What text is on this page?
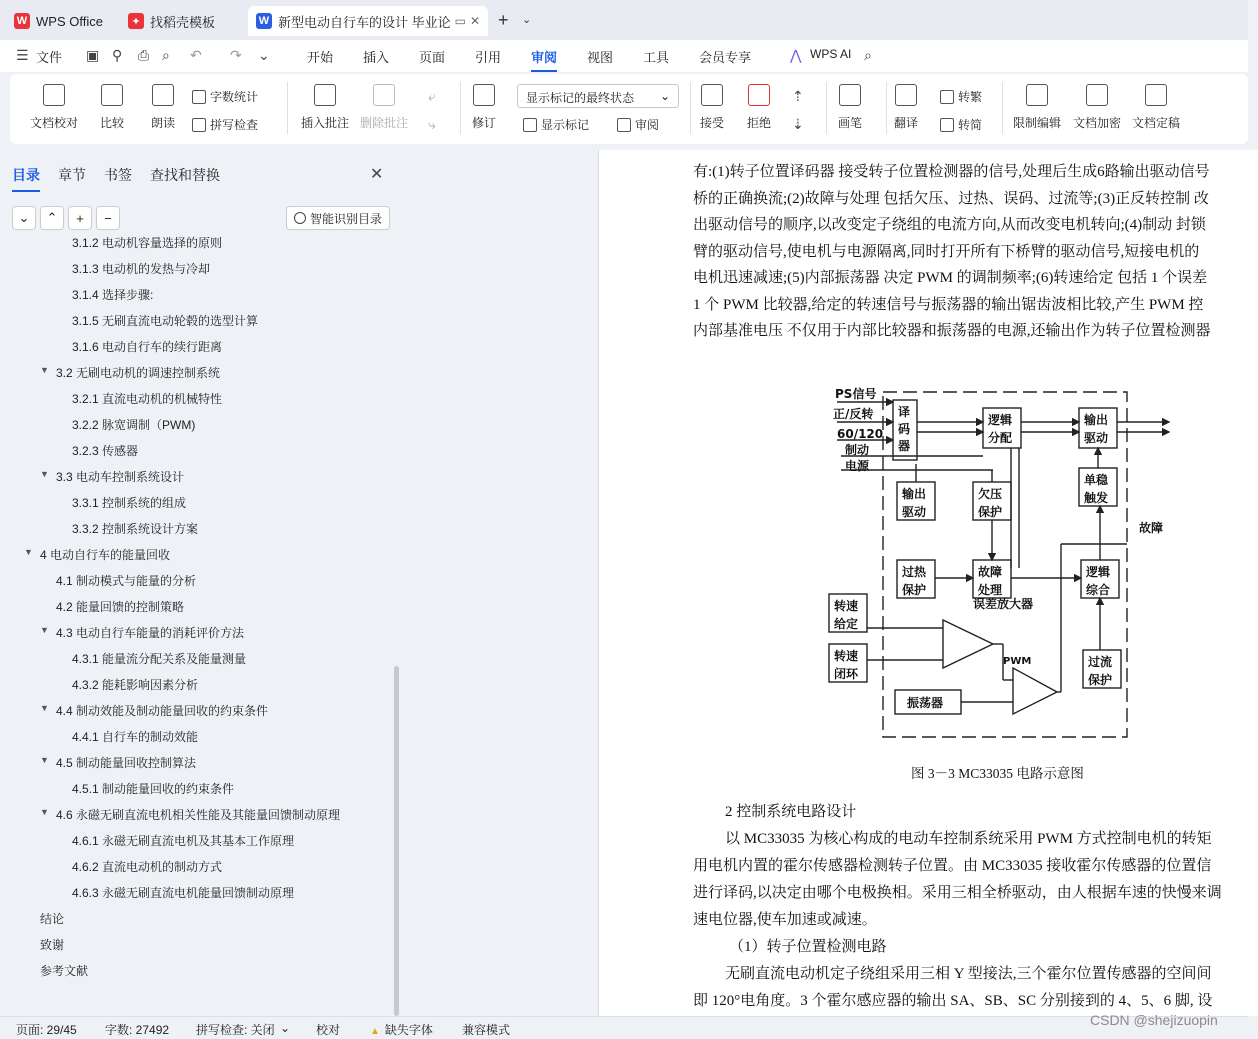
W WPS Office	✦ 找稻壳模板	W 新型电动自行车的设计 毕业论 ▭ ✕ + ⌄
☰ 文件 ▣ ⚲ ⎙ ⌕ ↶ ↷ ⌄	开始 插入 页面 引用 审阅 视图 工具 会员专享	⋀ WPS AI ⌕
文档校对 比较 朗读
字数统计
拼写检查	插入批注 删除批注
⤶
⤷	修订
显示标记的最终状态 ⌄
显示标记	审阅	接受 拒绝
⇡
⇣	画笔	翻译
转繁
转简	限制编辑 文档加密 文档定稿
目录 章节 书签 查找和替换	✕
⌄ ⌃ + −	智能识别目录
3.1.2 电动机容量选择的原则
3.1.3 电动机的发热与冷却
3.1.4 选择步骤:
3.1.5 无刷直流电动轮毂的选型计算
3.1.6 电动自行车的续行距离
▼ 3.2 无刷电动机的调速控制系统
3.2.1 直流电动机的机械特性
3.2.2 脉宽调制（PWM)
3.2.3 传感器
▼ 3.3 电动车控制系统设计
3.3.1 控制系统的组成
3.3.2 控制系统设计方案
▼ 4 电动自行车的能量回收
4.1 制动模式与能量的分析
4.2 能量回馈的控制策略
▼ 4.3 电动自行车能量的消耗评价方法
4.3.1 能量流分配关系及能量测量
4.3.2 能耗影响因素分析
▼ 4.4 制动效能及制动能量回收的约束条件
4.4.1 自行车的制动效能
▼ 4.5 制动能量回收控制算法
4.5.1 制动能量回收的约束条件
▼ 4.6 永磁无刷直流电机相关性能及其能量回馈制动原理
4.6.1 永磁无刷直流电机及其基本工作原理
4.6.2 直流电动机的制动方式
4.6.3 永磁无刷直流电机能量回馈制动原理
结论
致谢
参考文献
有:(1)转子位置译码器 接受转子位置检测器的信号,处理后生成6路输出驱动信号
桥的正确换流;(2)故障与处理 包括欠压、过热、误码、过流等;(3)正反转控制 改
出驱动信号的顺序,以改变定子绕组的电流方向,从而改变电机转向;(4)制动 封锁
臂的驱动信号,使电机与电源隔离,同时打开所有下桥臂的驱动信号,短接电机的
电机迅速减速;(5)内部振荡器 决定 PWM 的调制频率;(6)转速给定 包括 1 个误差
1 个 PWM 比较器,给定的转速信号与振荡器的输出锯齿波相比较,产生 PWM 控
内部基准电压 不仅用于内部比较器和振荡器的电源,还输出作为转子位置检测器
PS信号
正/反转
60/120
制动
电源
译码器
逻辑分配
输出驱动
单稳触发
输出驱动
欠压保护
故障
过热保护
故障处理
逻辑综合
转速给定
误差放大器
转速闭环
PWM	过流保护
振荡器
图 3－3 MC33035 电路示意图
2 控制系统电路设计
以 MC33035 为核心构成的电动车控制系统采用 PWM 方式控制电机的转矩
用电机内置的霍尔传感器检测转子位置。由 MC33035 接收霍尔传感器的位置信
进行译码,以决定由哪个电极换相。采用三相全桥驱动，由人根据车速的快慢来调
速电位器,使车加速或减速。
（1）转子位置检测电路
无刷直流电动机定子绕组采用三相 Y 型接法,三个霍尔位置传感器的空间间
即 120°电角度。3 个霍尔感应器的输出 SA、SB、SC 分别接到的 4、5、6 脚, 设
页面: 29/45 字数: 27492 拼写检查: 关闭 ⌄ 校对
▲	缺失字体 兼容模式
CSDN @shejizuopin
